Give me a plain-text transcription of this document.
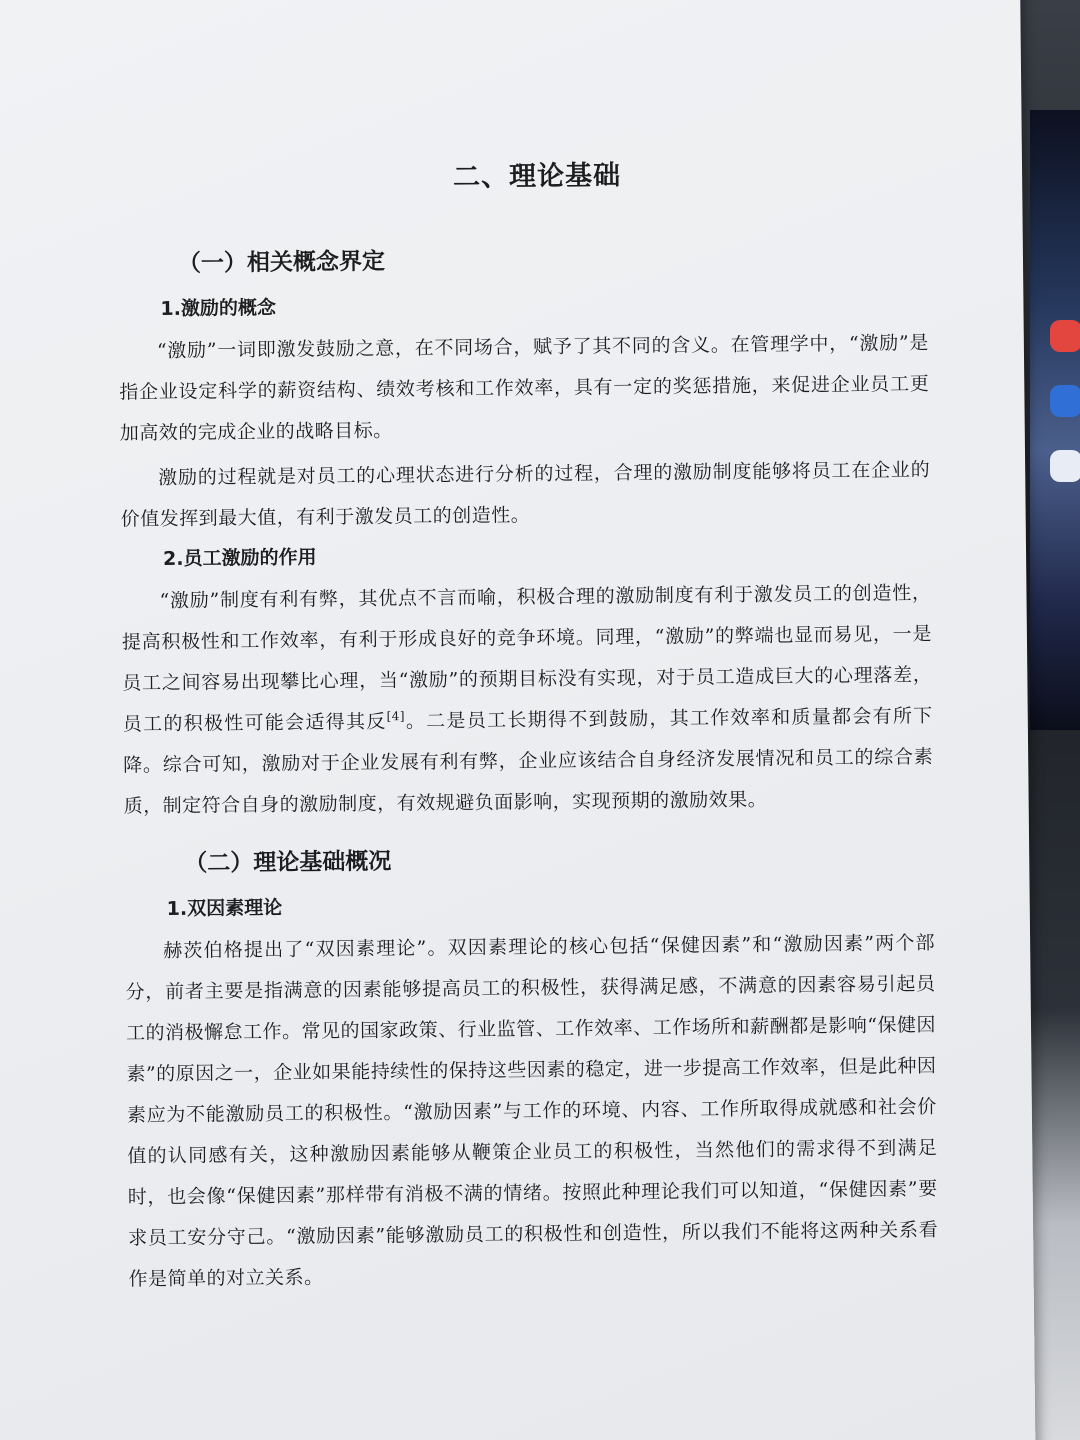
二、理论基础
（一）相关概念界定
1.激励的概念

“激励”一词即激发鼓励之意，在不同场合，赋予了其不同的含义。在管理学中，“激励”是指企业设定科学的薪资结构、绩效考核和工作效率，具有一定的奖惩措施，来促进企业员工更加高效的完成企业的战略目标。

激励的过程就是对员工的心理状态进行分析的过程，合理的激励制度能够将员工在企业的价值发挥到最大值，有利于激发员工的创造性。

2.员工激励的作用

“激励”制度有利有弊，其优点不言而喻，积极合理的激励制度有利于激发员工的创造性，提高积极性和工作效率，有利于形成良好的竞争环境。同理，“激励”的弊端也显而易见，一是员工之间容易出现攀比心理，当“激励”的预期目标没有实现，对于员工造成巨大的心理落差，员工的积极性可能会适得其反[4]。二是员工长期得不到鼓励，其工作效率和质量都会有所下降。综合可知，激励对于企业发展有利有弊，企业应该结合自身经济发展情况和员工的综合素质，制定符合自身的激励制度，有效规避负面影响，实现预期的激励效果。

（二）理论基础概况
1.双因素理论

赫茨伯格提出了“双因素理论”。双因素理论的核心包括“保健因素”和“激励因素”两个部分，前者主要是指满意的因素能够提高员工的积极性，获得满足感，不满意的因素容易引起员工的消极懈怠工作。常见的国家政策、行业监管、工作效率、工作场所和薪酬都是影响“保健因素”的原因之一，企业如果能持续性的保持这些因素的稳定，进一步提高工作效率，但是此种因素应为不能激励员工的积极性。“激励因素”与工作的环境、内容、工作所取得成就感和社会价值的认同感有关，这种激励因素能够从鞭策企业员工的积极性，当然他们的需求得不到满足时，也会像“保健因素”那样带有消极不满的情绪。按照此种理论我们可以知道，“保健因素”要求员工安分守己。“激励因素”能够激励员工的积极性和创造性，所以我们不能将这两种关系看作是简单的对立关系。
